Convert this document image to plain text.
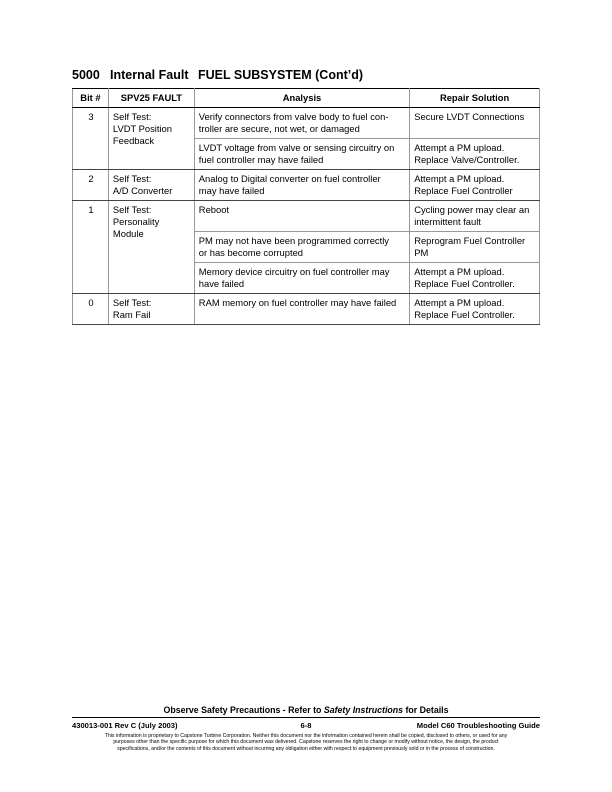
5000 Internal Fault FUEL SUBSYSTEM (Cont’d)
Bit #	SPV25 FAULT	Analysis	Repair Solution
3	Self Test:
LVDT Position
Feedback	Verify connectors from valve body to fuel con-
troller are secure, not wet, or damaged	Secure LVDT Connections

		LVDT voltage from valve or sensing circuitry on
fuel controller may have failed	Attempt a PM upload.
Replace Valve/Controller.

2	Self Test:
A/D Converter	Analog to Digital converter on fuel controller
may have failed	Attempt a PM upload.
Replace Fuel Controller

1	Self Test:
Personality
Module	Reboot	Cycling power may clear an
intermittent fault

		PM may not have been programmed correctly
or has become corrupted	Reprogram Fuel Controller
PM

		Memory device circuitry on fuel controller may
have failed	Attempt a PM upload.
Replace Fuel Controller.

0	Self Test:
Ram Fail	RAM memory on fuel controller may have failed	Attempt a PM upload.
Replace Fuel Controller.
Observe Safety Precautions - Refer to Safety Instructions for Details
430013-001 Rev C (July 2003)	6-8	Model C60 Troubleshooting Guide
This information is proprietary to Capstone Turbine Corporation. Neither this document nor the information contained herein shall be copied, disclosed to others, or used for any
purposes other than the specific purpose for which this document was delivered. Capstone reserves the right to change or modify without notice, the design, the product
specifications, and/or the contents of this document without incurring any obligation either with respect to equipment previously sold or in the process of construction.
